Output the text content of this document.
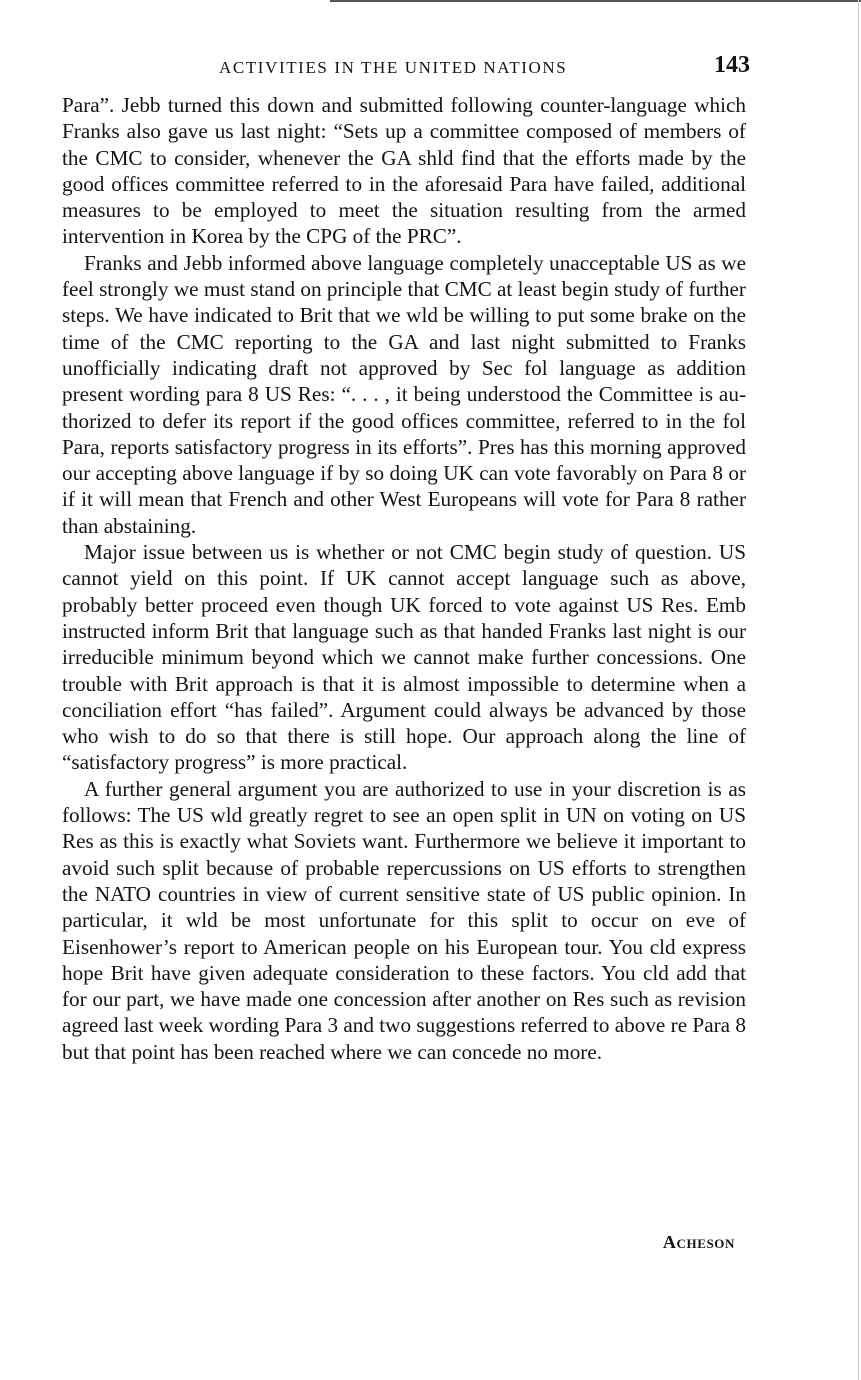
ACTIVITIES IN THE UNITED NATIONS	143

Para”. Jebb turned this down and submitted following counter-language which Franks also gave us last night: “Sets up a committee composed of members of the CMC to consider, whenever the GA shld find that the efforts made by the good offices committee referred to in the aforesaid Para have failed, additional measures to be employed to meet the situation resulting from the armed intervention in Korea by the CPG of the PRC”.

Franks and Jebb informed above language completely unacceptable US as we feel strongly we must stand on principle that CMC at least begin study of further steps. We have indicated to Brit that we wld be willing to put some brake on the time of the CMC reporting to the GA and last night submitted to Franks unofficially indicating draft not approved by Sec fol language as addition present wording para 8 US Res: “. . . , it being understood the Committee is authorized to defer its report if the good offices committee, referred to in the fol Para, reports satisfactory progress in its efforts”. Pres has this morning approved our accepting above language if by so doing UK can vote favorably on Para 8 or if it will mean that French and other West Europeans will vote for Para 8 rather than abstaining.

Major issue between us is whether or not CMC begin study of question. US cannot yield on this point. If UK cannot accept language such as above, probably better proceed even though UK forced to vote against US Res. Emb instructed inform Brit that language such as that handed Franks last night is our irreducible minimum beyond which we cannot make further concessions. One trouble with Brit approach is that it is almost impossible to determine when a conciliation effort “has failed”. Argument could always be advanced by those who wish to do so that there is still hope. Our approach along the line of “satisfactory progress” is more practical.

A further general argument you are authorized to use in your discretion is as follows: The US wld greatly regret to see an open split in UN on voting on US Res as this is exactly what Soviets want. Furthermore we believe it important to avoid such split because of probable repercussions on US efforts to strengthen the NATO countries in view of current sensitive state of US public opinion. In particular, it wld be most unfortunate for this split to occur on eve of Eisenhower’s report to American people on his European tour. You cld express hope Brit have given adequate consideration to these factors. You cld add that for our part, we have made one concession after another on Res such as revision agreed last week wording Para 3 and two suggestions referred to above re Para 8 but that point has been reached where we can concede no more.

Acheson
